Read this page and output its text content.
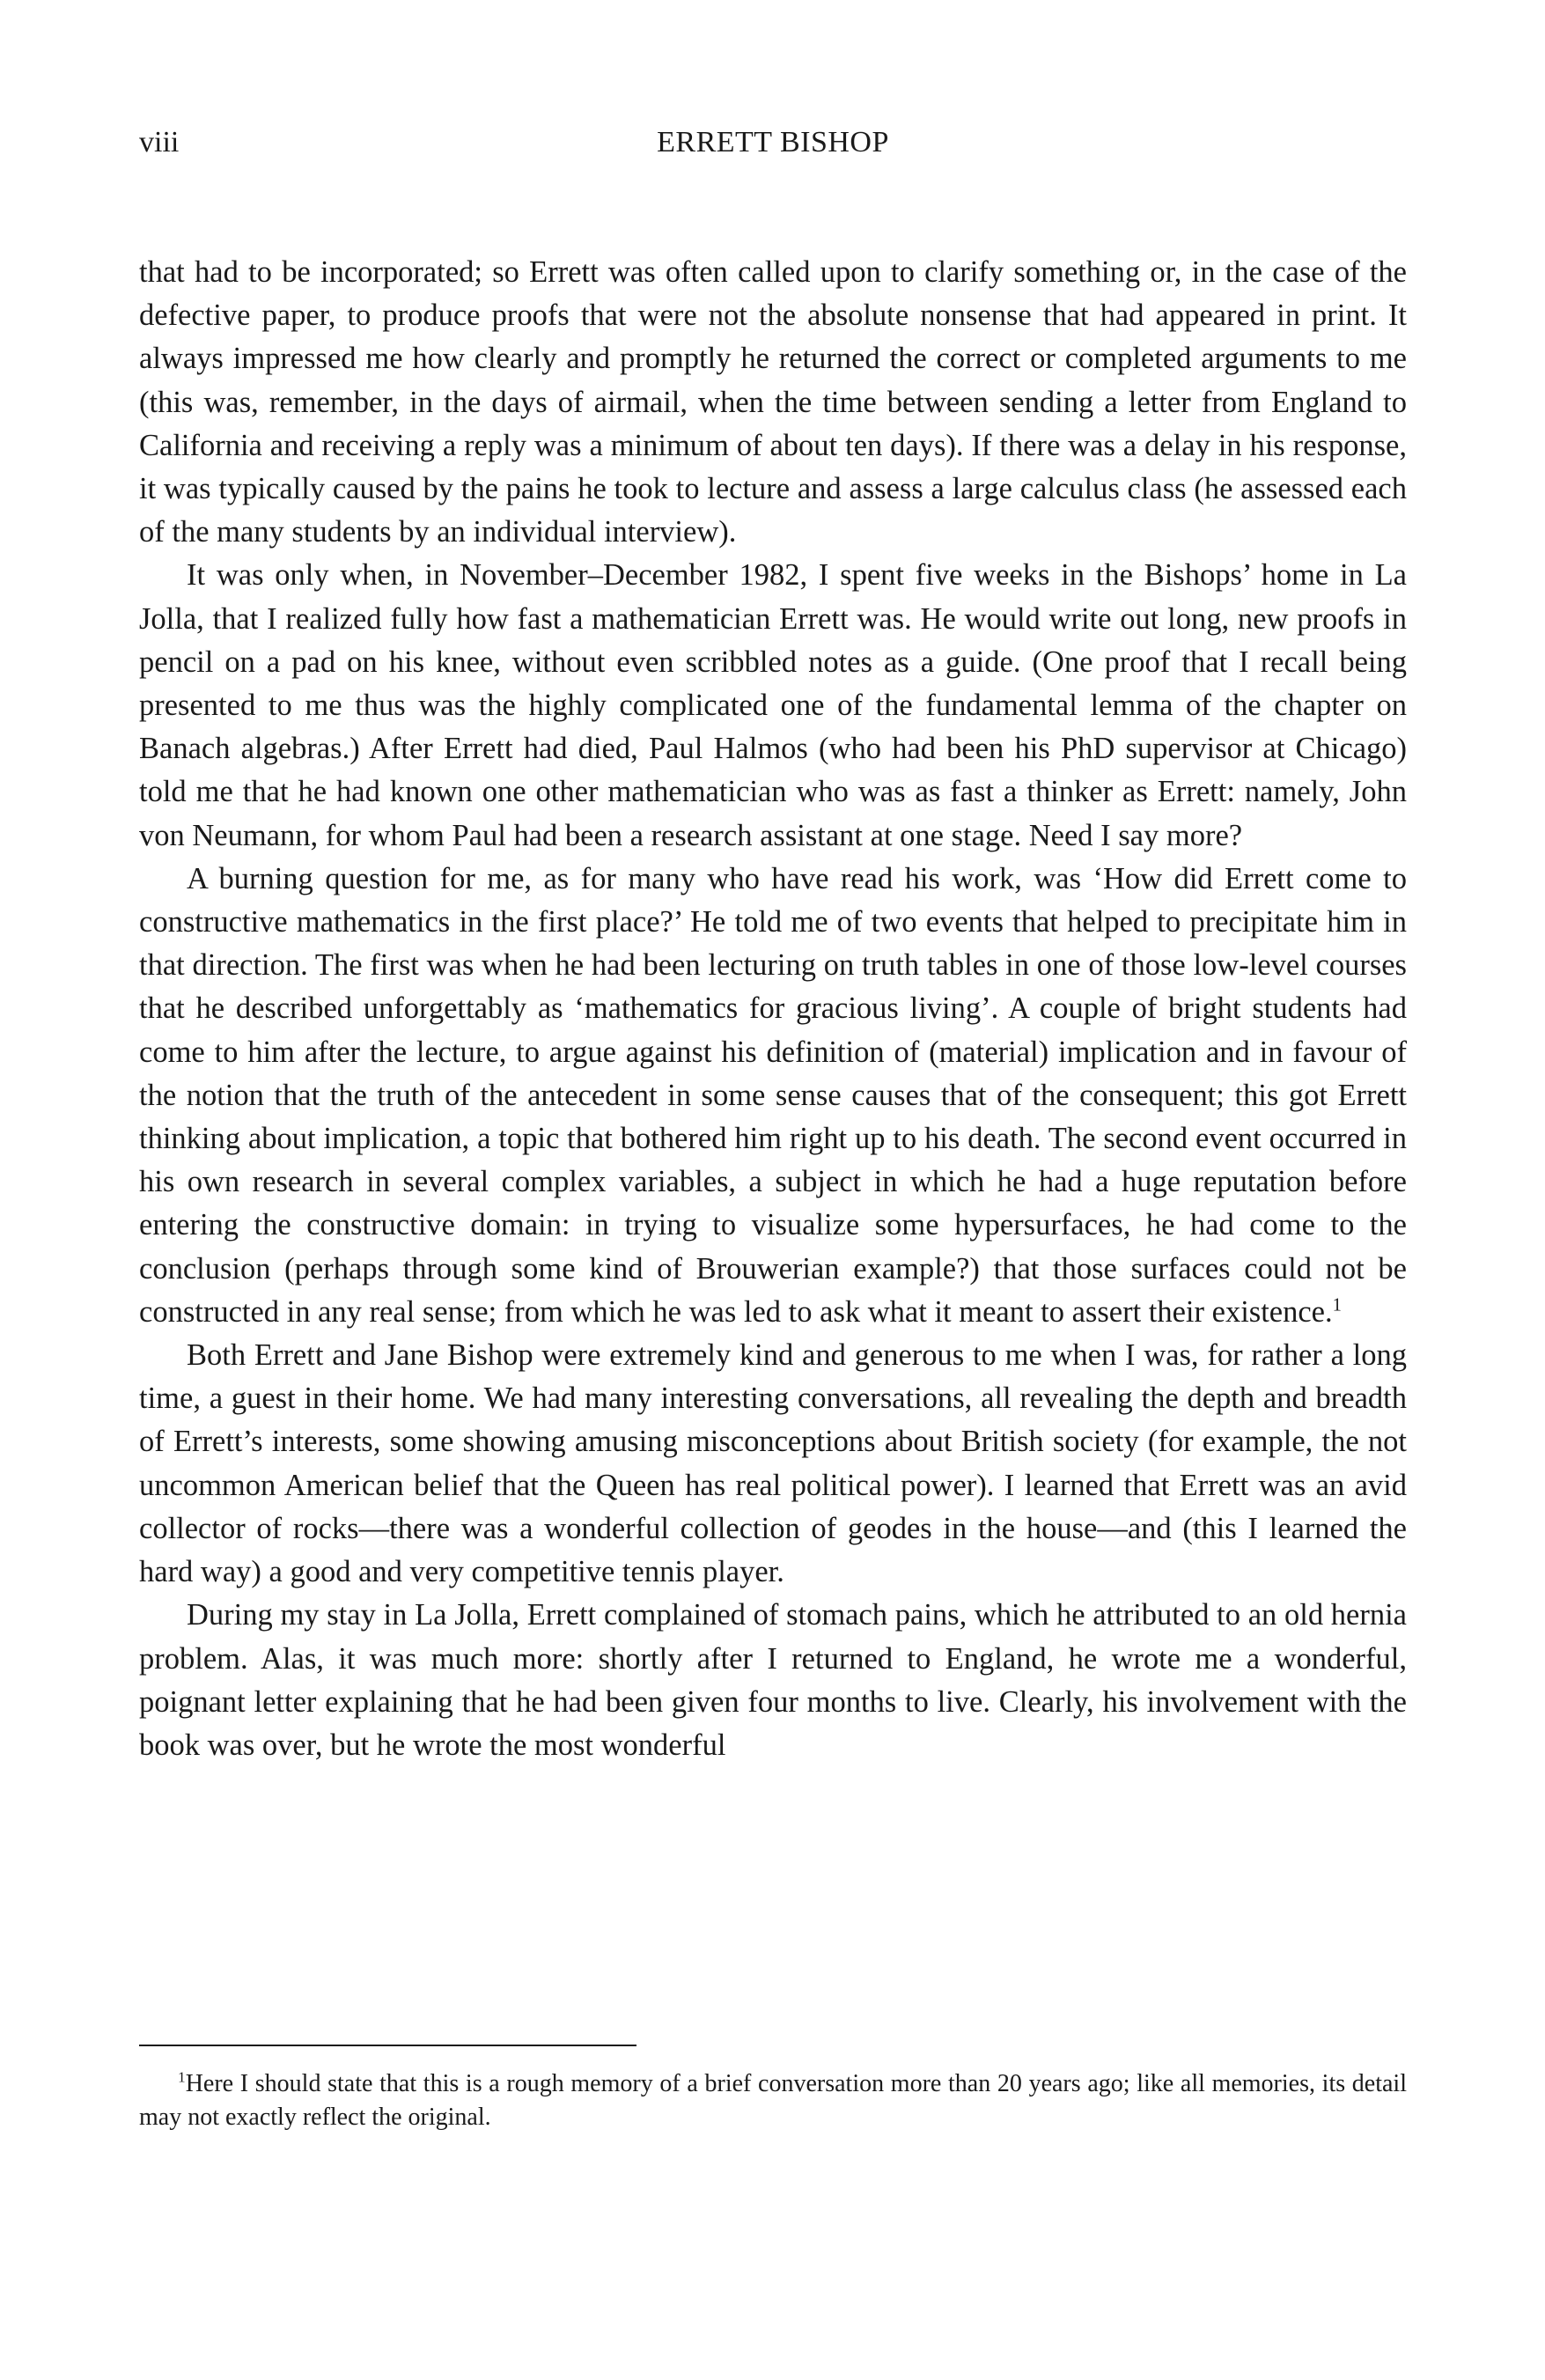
viii	ERRETT BISHOP

that had to be incorporated; so Errett was often called upon to clarify something or, in the case of the defective paper, to produce proofs that were not the absolute nonsense that had appeared in print. It always impressed me how clearly and promptly he returned the correct or completed arguments to me (this was, remember, in the days of airmail, when the time between sending a letter from England to California and receiving a reply was a minimum of about ten days). If there was a delay in his response, it was typically caused by the pains he took to lecture and assess a large calculus class (he assessed each of the many students by an individual interview).

It was only when, in November–December 1982, I spent five weeks in the Bishops’ home in La Jolla, that I realized fully how fast a mathematician Errett was. He would write out long, new proofs in pencil on a pad on his knee, without even scribbled notes as a guide. (One proof that I recall being presented to me thus was the highly complicated one of the fundamental lemma of the chapter on Banach algebras.) After Errett had died, Paul Halmos (who had been his PhD supervisor at Chicago) told me that he had known one other mathematician who was as fast a thinker as Errett: namely, John von Neumann, for whom Paul had been a research assistant at one stage. Need I say more?

A burning question for me, as for many who have read his work, was ‘How did Errett come to constructive mathematics in the first place?’ He told me of two events that helped to precipitate him in that direction. The first was when he had been lecturing on truth tables in one of those low-level courses that he described unforgettably as ‘mathematics for gracious living’. A couple of bright students had come to him after the lecture, to argue against his definition of (material) implication and in favour of the notion that the truth of the antecedent in some sense causes that of the consequent; this got Errett thinking about implication, a topic that bothered him right up to his death. The second event occurred in his own research in several complex variables, a subject in which he had a huge reputation before entering the constructive domain: in trying to visualize some hypersurfaces, he had come to the conclusion (perhaps through some kind of Brouwerian example?) that those surfaces could not be constructed in any real sense; from which he was led to ask what it meant to assert their existence.$^1$

Both Errett and Jane Bishop were extremely kind and generous to me when I was, for rather a long time, a guest in their home. We had many interesting conversations, all revealing the depth and breadth of Errett’s interests, some showing amusing misconceptions about British society (for example, the not uncommon American belief that the Queen has real political power). I learned that Errett was an avid collector of rocks—there was a wonderful collection of geodes in the house—and (this I learned the hard way) a good and very competitive tennis player.

During my stay in La Jolla, Errett complained of stomach pains, which he attributed to an old hernia problem. Alas, it was much more: shortly after I returned to England, he wrote me a wonderful, poignant letter explaining that he had been given four months to live. Clearly, his involvement with the book was over, but he wrote the most wonderful

$^1$Here I should state that this is a rough memory of a brief conversation more than 20 years ago; like all memories, its detail may not exactly reflect the original.
